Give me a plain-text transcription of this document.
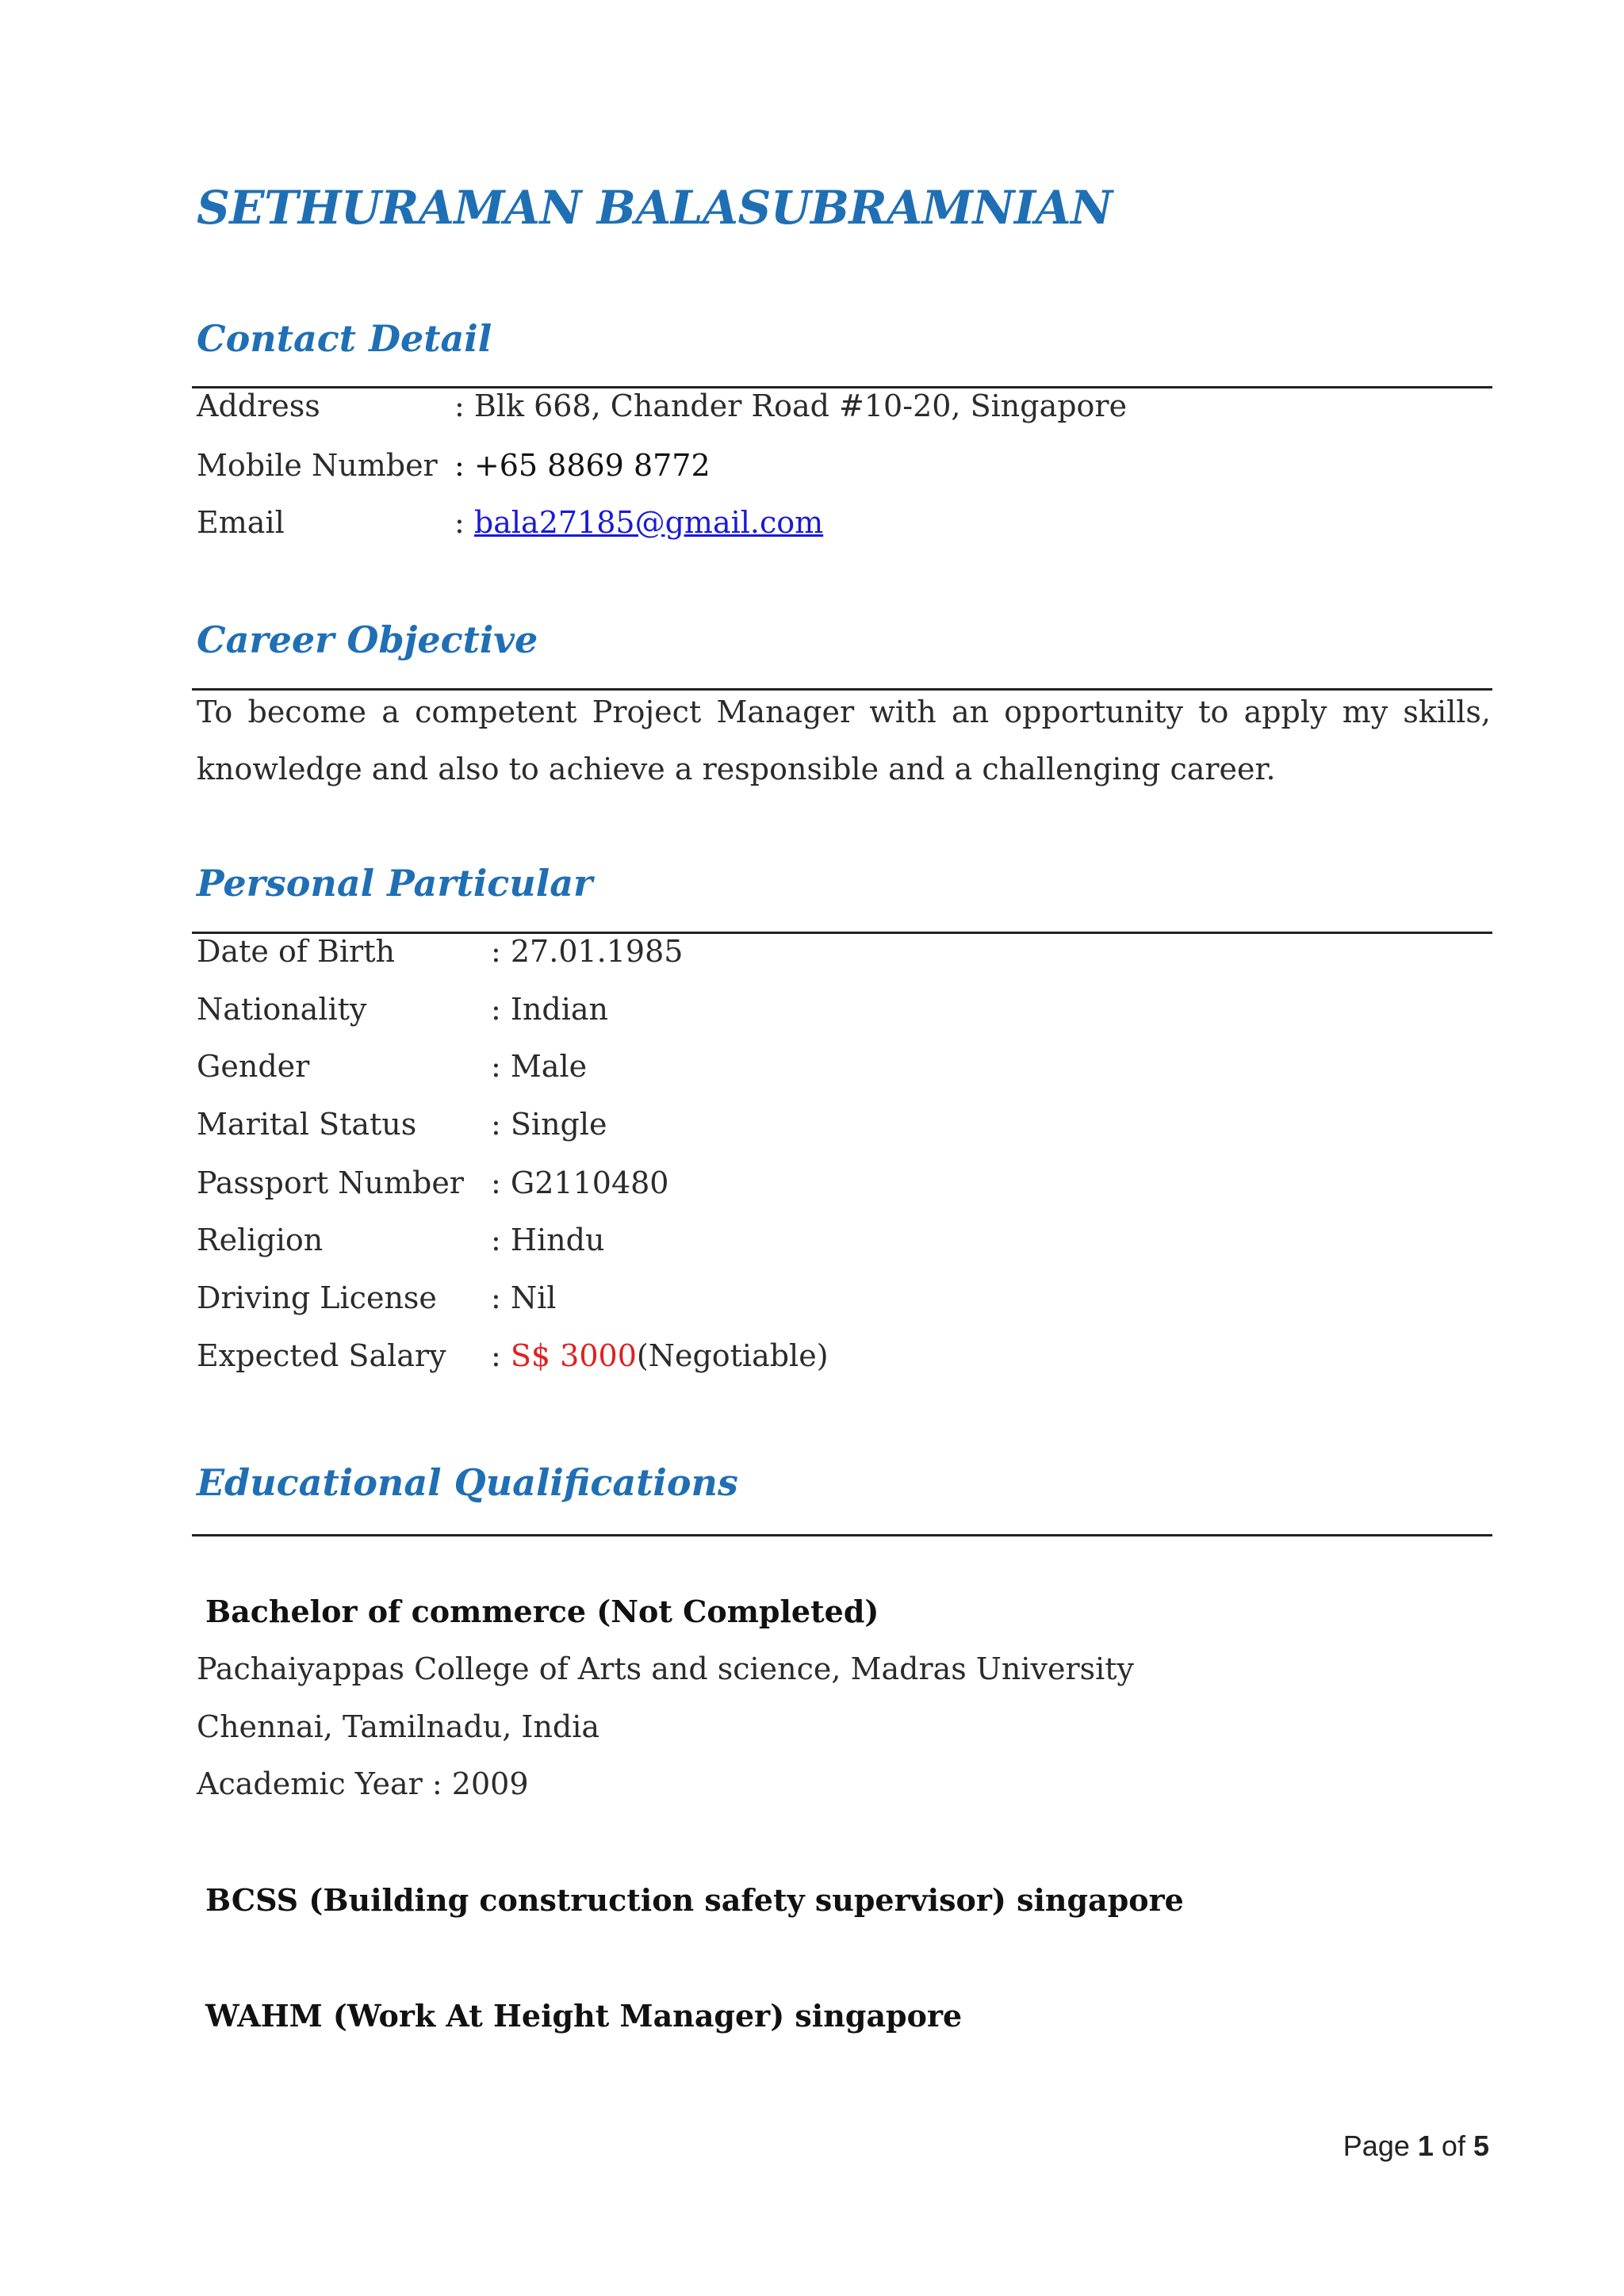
SETHURAMAN BALASUBRAMNIAN
Contact Detail
Address	: Blk 668, Chander Road #10-20, Singapore
Mobile Number : +65 8869 8772
Email	: bala27185@gmail.com
Career Objective
To become a competent Project Manager with an opportunity to apply my skills, knowledge and also to achieve a responsible and a challenging career.
Personal Particular
Date of Birth	: 27.01.1985
Nationality	: Indian
Gender	: Male
Marital Status : Single
Passport Number : G2110480
Religion	: Hindu
Driving License : Nil
Expected Salary : S$ 3000(Negotiable)
Educational Qualifications
Bachelor of commerce (Not Completed)
Pachaiyappas College of Arts and science, Madras University
Chennai, Tamilnadu, India
Academic Year : 2009
BCSS (Building construction safety supervisor) singapore
WAHM (Work At Height Manager) singapore
Page 1 of 5
